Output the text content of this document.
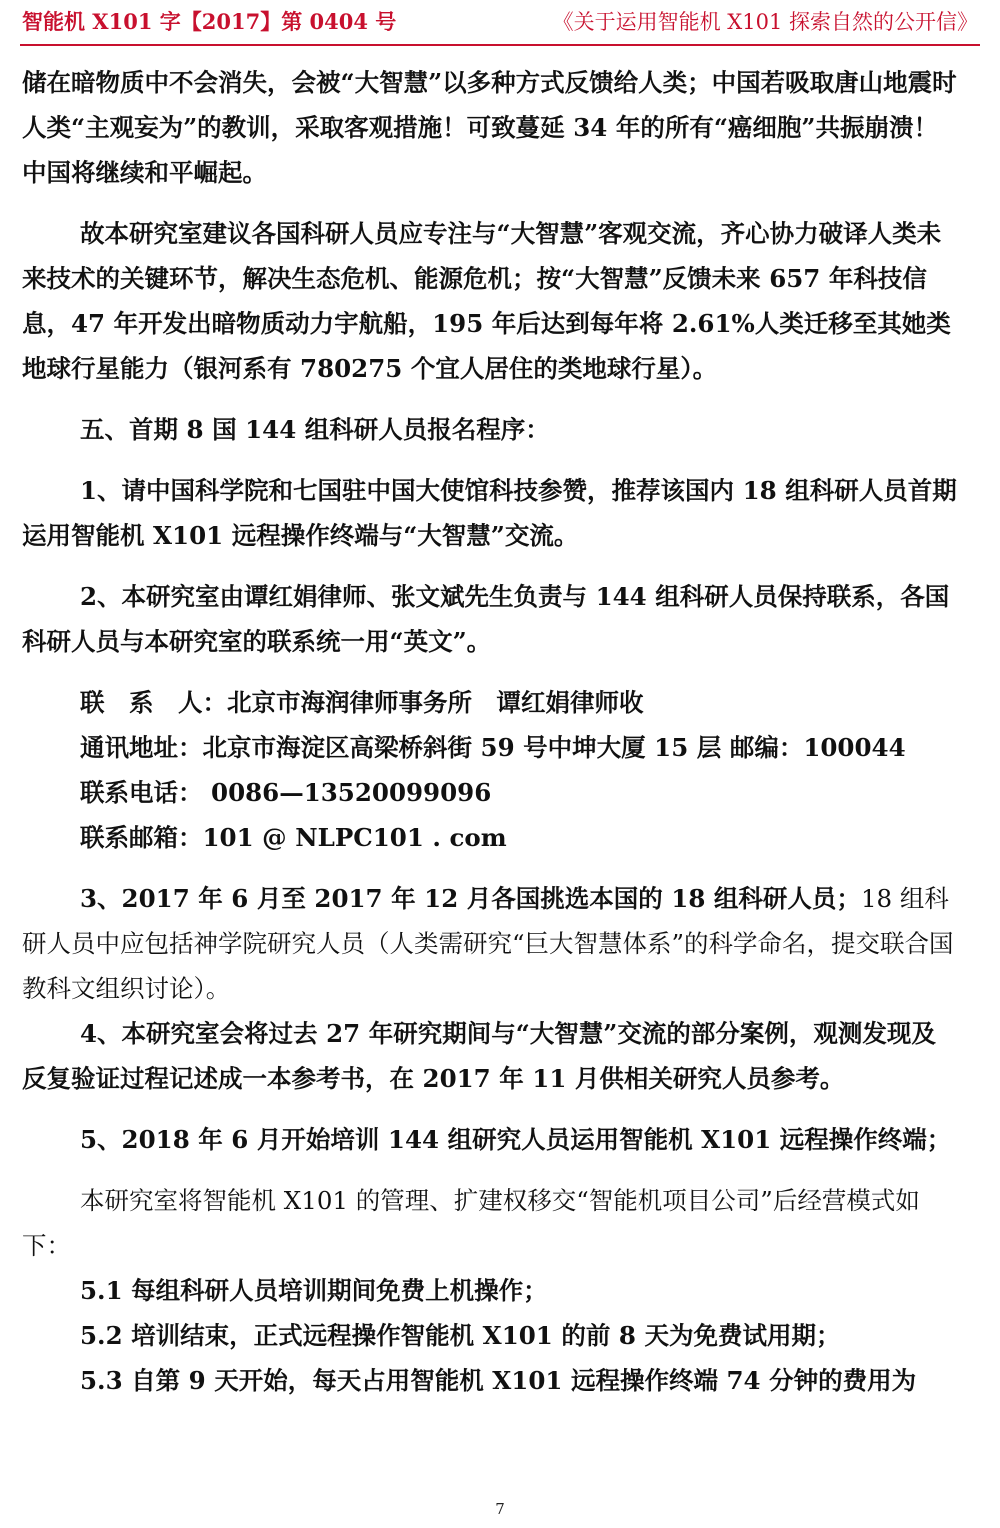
智能机 X101 字【2017】第 0404 号	《关于运用智能机 X101 探索自然的公开信》

储在暗物质中不会消失，会被“大智慧”以多种方式反馈给人类；中国若吸取唐山地震时人类“主观妄为”的教训，采取客观措施！可致蔓延 34 年的所有“癌细胞”共振崩溃！中国将继续和平崛起。

故本研究室建议各国科研人员应专注与“大智慧”客观交流，齐心协力破译人类未来技术的关键环节，解决生态危机、能源危机；按“大智慧”反馈未来 657 年科技信息，47 年开发出暗物质动力宇航船，195 年后达到每年将 2.61%人类迁移至其她类地球行星能力（银河系有 780275 个宜人居住的类地球行星）。

五、首期 8 国 144 组科研人员报名程序：

1、请中国科学院和七国驻中国大使馆科技参赞，推荐该国内 18 组科研人员首期运用智能机 X101 远程操作终端与“大智慧”交流。

2、本研究室由谭红娟律师、张文斌先生负责与 144 组科研人员保持联系，各国科研人员与本研究室的联系统一用“英文”。

联　系　人：北京市海润律师事务所　谭红娟律师收

通讯地址：北京市海淀区高梁桥斜街 59 号中坤大厦 15 层 邮编：100044

联系电话： 0086—13520099096

联系邮箱：101 @ NLPC101 . com

3、2017 年 6 月至 2017 年 12 月各国挑选本国的 18 组科研人员；18 组科研人员中应包括神学院研究人员（人类需研究“巨大智慧体系”的科学命名，提交联合国教科文组织讨论）。

4、本研究室会将过去 27 年研究期间与“大智慧”交流的部分案例，观测发现及反复验证过程记述成一本参考书，在 2017 年 11 月供相关研究人员参考。

5、2018 年 6 月开始培训 144 组研究人员运用智能机 X101 远程操作终端；

本研究室将智能机 X101 的管理、扩建权移交“智能机项目公司”后经营模式如下：

5.1 每组科研人员培训期间免费上机操作；

5.2 培训结束，正式远程操作智能机 X101 的前 8 天为免费试用期；

5.3 自第 9 天开始，每天占用智能机 X101 远程操作终端 74 分钟的费用为

7
